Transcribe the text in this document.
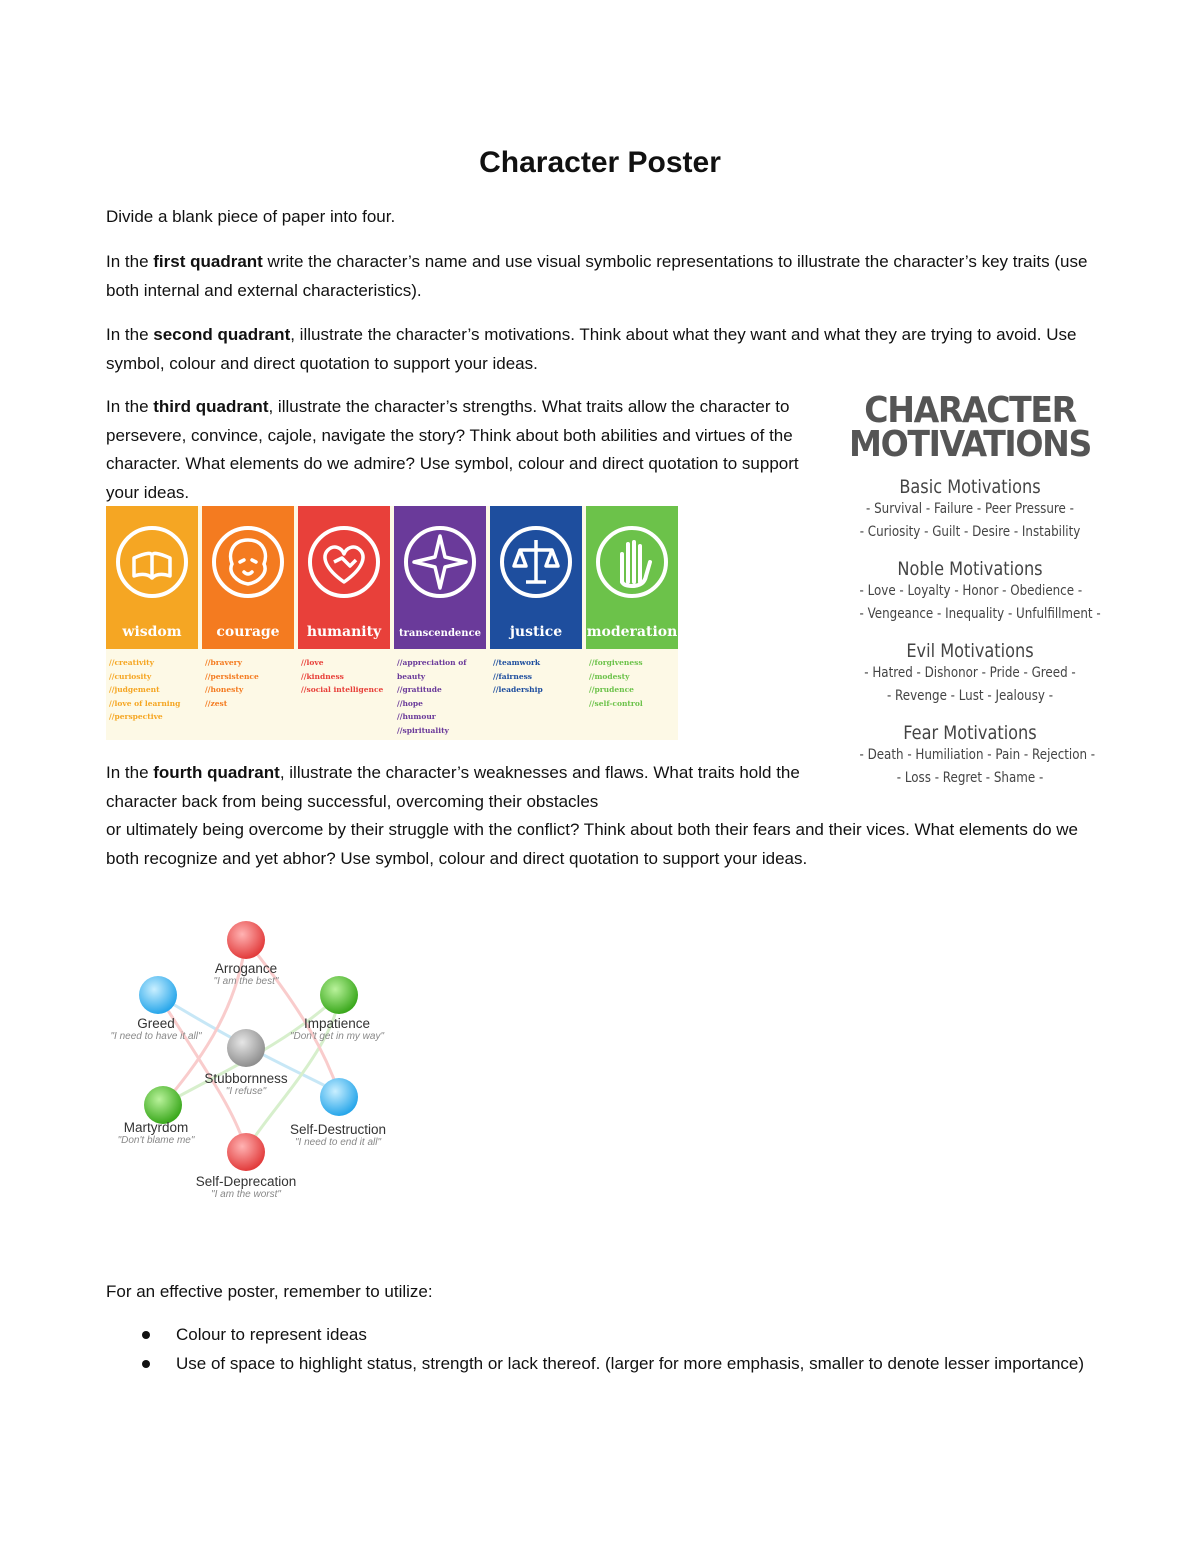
Character Poster
Divide a blank piece of paper into four.
In the first quadrant write the character’s name and use visual symbolic representations to illustrate the character’s key traits (use both internal and external characteristics).
In the second quadrant, illustrate the character’s motivations. Think about what they want and what they are trying to avoid. Use symbol, colour and direct quotation to support your ideas.
In the third quadrant, illustrate the character’s strengths. What traits allow the character to persevere, convince, cajole, navigate the story? Think about both abilities and virtues of the character. What elements do we admire? Use symbol, colour and direct quotation to support your ideas.
wisdom
//creativity
//curiosity
//judgement
//love of learning
//perspective
courage
//bravery
//persistence
//honesty
//zest
humanity
//love
//kindness
//social intelligence
transcendence
//appreciation of beauty
//gratitude
//hope
//humour
//spirituality
justice
//teamwork
//fairness
//leadership
moderation
//forgiveness
//modesty
//prudence
//self-control
CHARACTER
MOTIVATIONS
Basic Motivations
- Survival - Failure - Peer Pressure -
- Curiosity - Guilt - Desire - Instability
Noble Motivations
- Love - Loyalty - Honor - Obedience -
- Vengeance - Inequality - Unfulfillment -
Evil Motivations
- Hatred - Dishonor - Pride - Greed -
- Revenge - Lust - Jealousy -
Fear Motivations
- Death - Humiliation - Pain - Rejection -
- Loss - Regret - Shame -
In the fourth quadrant, illustrate the character’s weaknesses and flaws. What traits hold the character back from being successful, overcoming their obstacles
or ultimately being overcome by their struggle with the conflict? Think about both their fears and their vices. What elements do we both recognize and yet abhor? Use symbol, colour and direct quotation to support your ideas.
Arrogance
"I am the best"
Greed
"I need to have it all"
Impatience
"Don't get in my way"
Stubbornness
"I refuse"
Martyrdom
"Don't blame me"
Self-Destruction
"I need to end it all"
Self-Deprecation
"I am the worst"
For an effective poster, remember to utilize:
Colour to represent ideas
Use of space to highlight status, strength or lack thereof. (larger for more emphasis, smaller to denote lesser importance)
